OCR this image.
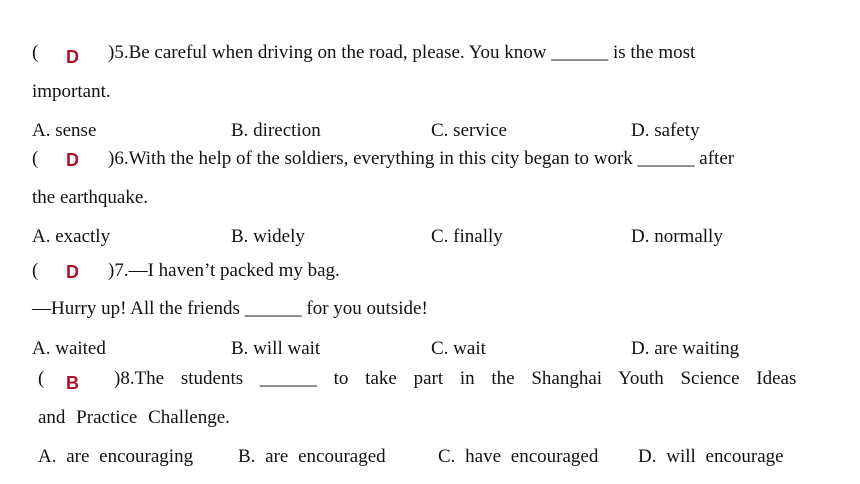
( D )5.Be careful when driving on the road, please. You know ______ is the most
important.
A. sense	B. direction	C. service	D. safety
( D )6.With the help of the soldiers, everything in this city began to work ______ after
the earthquake.
A. exactly	B. widely	C. finally	D. normally
( D )7.—I haven’t packed my bag.
—Hurry up! All the friends ______ for you outside!
A. waited	B. will wait	C. wait	D. are waiting
( B )8.The students ______ to take part in the Shanghai Youth Science Ideas
and Practice Challenge.
A. are encouraging B. are encouraged	C. have encouraged D. will encourage
